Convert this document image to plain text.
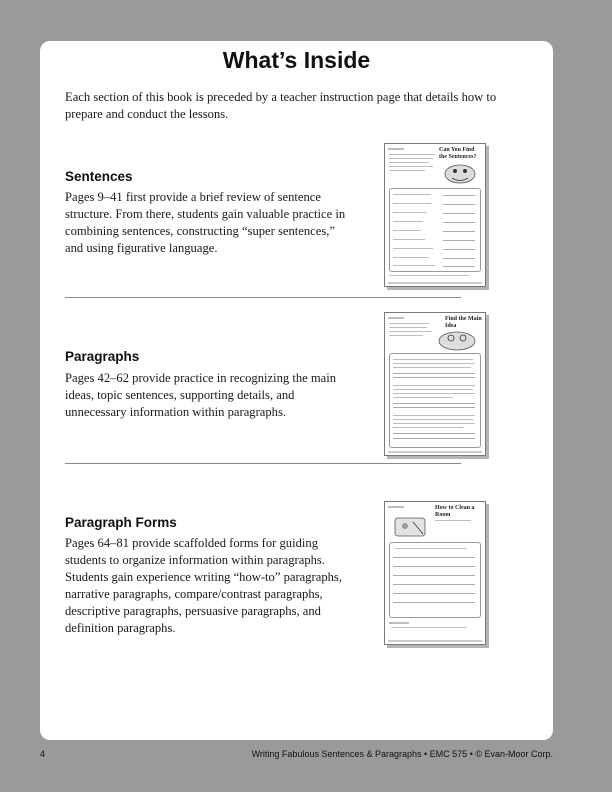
What’s Inside
Each section of this book is preceded by a teacher instruction page that details how to prepare and conduct the lessons.
Sentences
Pages 9–41 first provide a brief review of sentence structure. From there, students gain valuable practice in combining sentences, constructing “super sentences,” and using figurative language.
Can You Find the Sentences?
Paragraphs
Pages 42–62 provide practice in recognizing the main ideas, topic sentences, supporting details, and unnecessary information within paragraphs.
Find the Main Idea
Paragraph Forms
Pages 64–81 provide scaffolded forms for guiding students to organize information within paragraphs. Students gain experience writing “how-to” paragraphs, narrative paragraphs, compare/contrast paragraphs, descriptive paragraphs, persuasive paragraphs, and definition paragraphs.
How to Clean a Room
4	Writing Fabulous Sentences & Paragraphs • EMC 575 • © Evan-Moor Corp.
